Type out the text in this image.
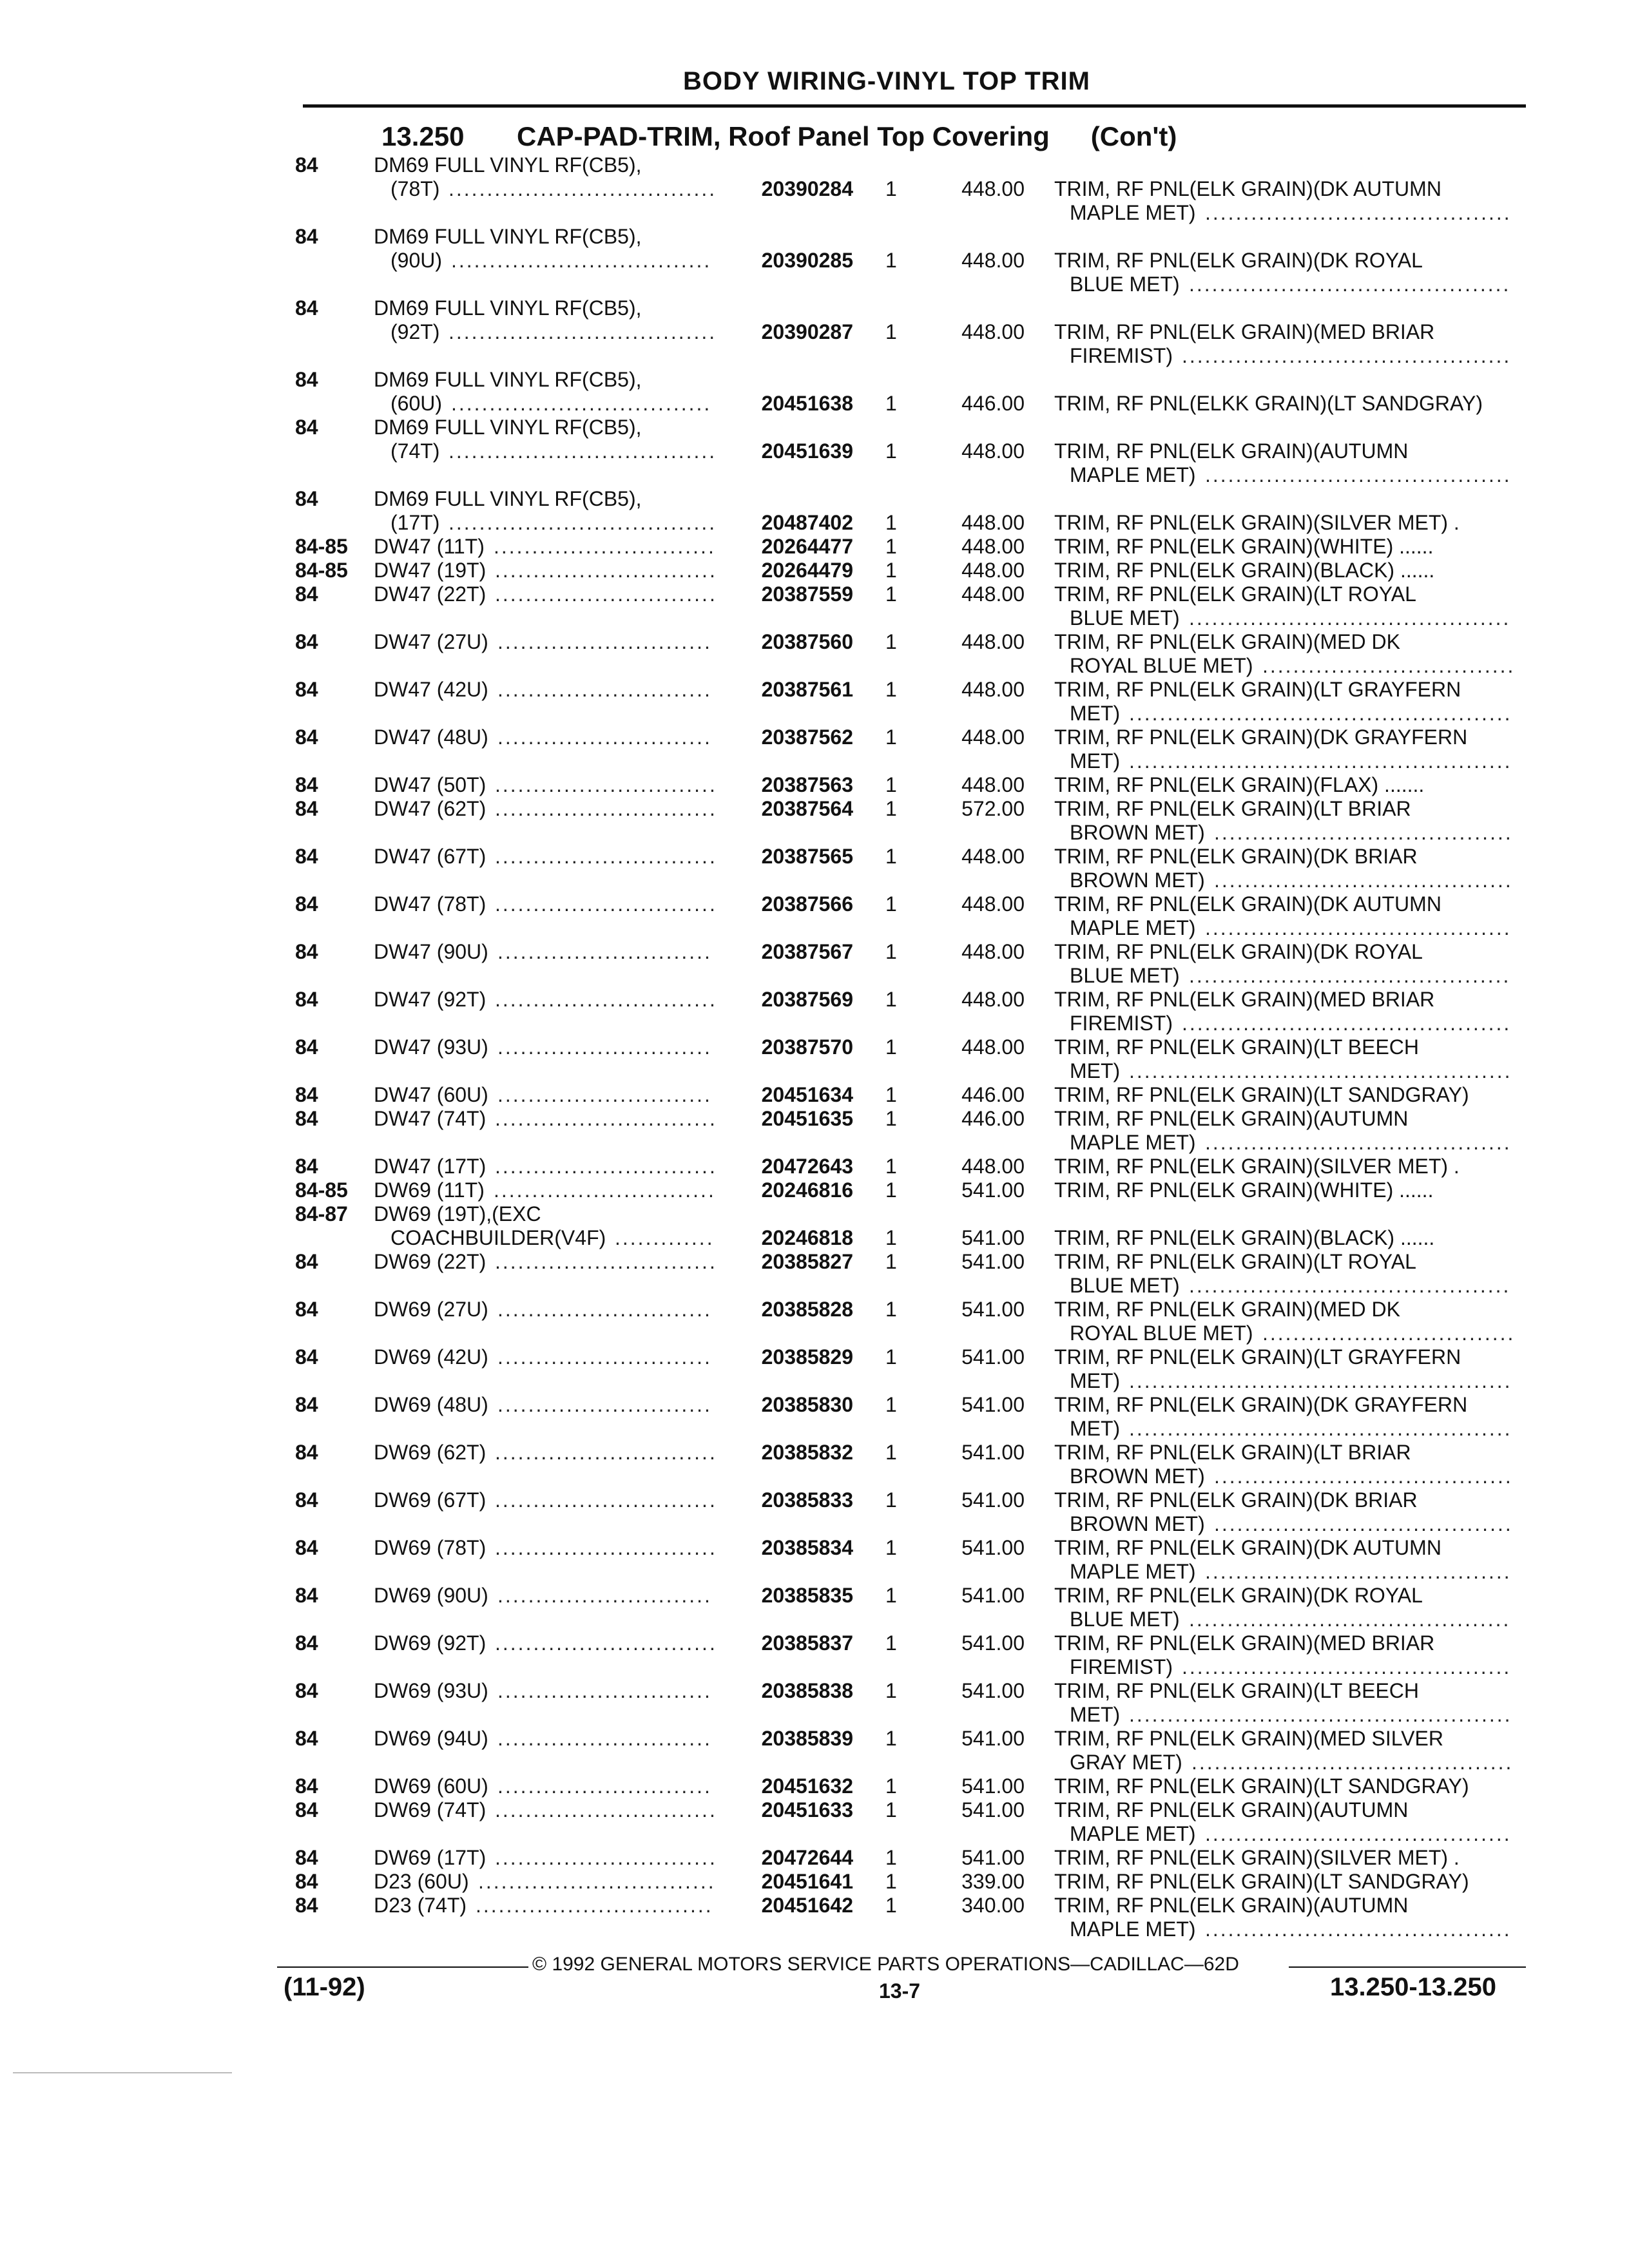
BODY WIRING-VINYL TOP TRIM
13.250 CAP-PAD-TRIM, Roof Panel Top Covering (Con't)
84	DM69 FULL VINYL RF(CB5),
(78T)	20390284 1	448.00 TRIM, RF PNL(ELK GRAIN)(DK AUTUMN
...................................
MAPLE MET) ........................................
84	DM69 FULL VINYL RF(CB5),
(90U)	20390285 1	448.00 TRIM, RF PNL(ELK GRAIN)(DK ROYAL
..................................
BLUE MET) ..........................................
84	DM69 FULL VINYL RF(CB5),
(92T)	20390287 1	448.00 TRIM, RF PNL(ELK GRAIN)(MED BRIAR
...................................
FIREMIST) ...........................................
84	DM69 FULL VINYL RF(CB5),
(60U)	20451638 1	446.00 TRIM, RF PNL(ELKK GRAIN)(LT SANDGRAY)
..................................
84	DM69 FULL VINYL RF(CB5),
(74T)	20451639 1	448.00 TRIM, RF PNL(ELK GRAIN)(AUTUMN
...................................
MAPLE MET) ........................................
84	DM69 FULL VINYL RF(CB5),
(17T)	20487402 1	448.00 TRIM, RF PNL(ELK GRAIN)(SILVER MET) .
...................................
84-85 DW47 (11T)	20264477 1	448.00 TRIM, RF PNL(ELK GRAIN)(WHITE) ......
.............................
84-85 DW47 (19T)	20264479 1	448.00 TRIM, RF PNL(ELK GRAIN)(BLACK) ......
.............................
84	DW47 (22T)	20387559 1	448.00 TRIM, RF PNL(ELK GRAIN)(LT ROYAL
.............................
BLUE MET) ..........................................
84	DW47 (27U)	20387560 1	448.00 TRIM, RF PNL(ELK GRAIN)(MED DK
............................
ROYAL BLUE MET) .................................
84	DW47 (42U)	20387561 1	448.00 TRIM, RF PNL(ELK GRAIN)(LT GRAYFERN
............................
MET) ..................................................
84	DW47 (48U)	20387562 1	448.00 TRIM, RF PNL(ELK GRAIN)(DK GRAYFERN
............................
MET) ..................................................
84	DW47 (50T)	20387563 1	448.00 TRIM, RF PNL(ELK GRAIN)(FLAX) .......
.............................
84	DW47 (62T)	20387564 1	572.00 TRIM, RF PNL(ELK GRAIN)(LT BRIAR
.............................
BROWN MET) .......................................
84	DW47 (67T)	20387565 1	448.00 TRIM, RF PNL(ELK GRAIN)(DK BRIAR
.............................
BROWN MET) .......................................
84	DW47 (78T)	20387566 1	448.00 TRIM, RF PNL(ELK GRAIN)(DK AUTUMN
.............................
MAPLE MET) ........................................
84	DW47 (90U)	20387567 1	448.00 TRIM, RF PNL(ELK GRAIN)(DK ROYAL
............................
BLUE MET) ..........................................
84	DW47 (92T)	20387569 1	448.00 TRIM, RF PNL(ELK GRAIN)(MED BRIAR
.............................
FIREMIST) ...........................................
84	DW47 (93U)	20387570 1	448.00 TRIM, RF PNL(ELK GRAIN)(LT BEECH
............................
MET) ..................................................
84	DW47 (60U)	20451634 1	446.00 TRIM, RF PNL(ELK GRAIN)(LT SANDGRAY)
............................
84	DW47 (74T)	20451635 1	446.00 TRIM, RF PNL(ELK GRAIN)(AUTUMN
.............................
MAPLE MET) ........................................
84	DW47 (17T)	20472643 1	448.00 TRIM, RF PNL(ELK GRAIN)(SILVER MET) .
.............................
84-85 DW69 (11T)	20246816 1	541.00 TRIM, RF PNL(ELK GRAIN)(WHITE) ......
.............................
84-87 DW69 (19T),(EXC
COACHBUILDER(V4F)	20246818 1	541.00 TRIM, RF PNL(ELK GRAIN)(BLACK) ......
.............
84	DW69 (22T)	20385827 1	541.00 TRIM, RF PNL(ELK GRAIN)(LT ROYAL
.............................
BLUE MET) ..........................................
84	DW69 (27U)	20385828 1	541.00 TRIM, RF PNL(ELK GRAIN)(MED DK
............................
ROYAL BLUE MET) .................................
84	DW69 (42U)	20385829 1	541.00 TRIM, RF PNL(ELK GRAIN)(LT GRAYFERN
............................
MET) ..................................................
84	DW69 (48U)	20385830 1	541.00 TRIM, RF PNL(ELK GRAIN)(DK GRAYFERN
............................
MET) ..................................................
84	DW69 (62T)	20385832 1	541.00 TRIM, RF PNL(ELK GRAIN)(LT BRIAR
.............................
BROWN MET) .......................................
84	DW69 (67T)	20385833 1	541.00 TRIM, RF PNL(ELK GRAIN)(DK BRIAR
.............................
BROWN MET) .......................................
84	DW69 (78T)	20385834 1	541.00 TRIM, RF PNL(ELK GRAIN)(DK AUTUMN
.............................
MAPLE MET) ........................................
84	DW69 (90U)	20385835 1	541.00 TRIM, RF PNL(ELK GRAIN)(DK ROYAL
............................
BLUE MET) ..........................................
84	DW69 (92T)	20385837 1	541.00 TRIM, RF PNL(ELK GRAIN)(MED BRIAR
.............................
FIREMIST) ...........................................
84	DW69 (93U)	20385838 1	541.00 TRIM, RF PNL(ELK GRAIN)(LT BEECH
............................
MET) ..................................................
84	DW69 (94U)	20385839 1	541.00 TRIM, RF PNL(ELK GRAIN)(MED SILVER
............................
GRAY MET) ..........................................
84	DW69 (60U)	20451632 1	541.00 TRIM, RF PNL(ELK GRAIN)(LT SANDGRAY)
............................
84	DW69 (74T)	20451633 1	541.00 TRIM, RF PNL(ELK GRAIN)(AUTUMN
.............................
MAPLE MET) ........................................
84	DW69 (17T)	20472644 1	541.00 TRIM, RF PNL(ELK GRAIN)(SILVER MET) .
.............................
84	D23 (60U)	20451641 1	339.00 TRIM, RF PNL(ELK GRAIN)(LT SANDGRAY)
...............................
84	D23 (74T)	20451642 1	340.00 TRIM, RF PNL(ELK GRAIN)(AUTUMN
...............................
MAPLE MET) ........................................
© 1992 GENERAL MOTORS SERVICE PARTS OPERATIONS—CADILLAC—62D
(11-92)	13-7	13.250-13.250
